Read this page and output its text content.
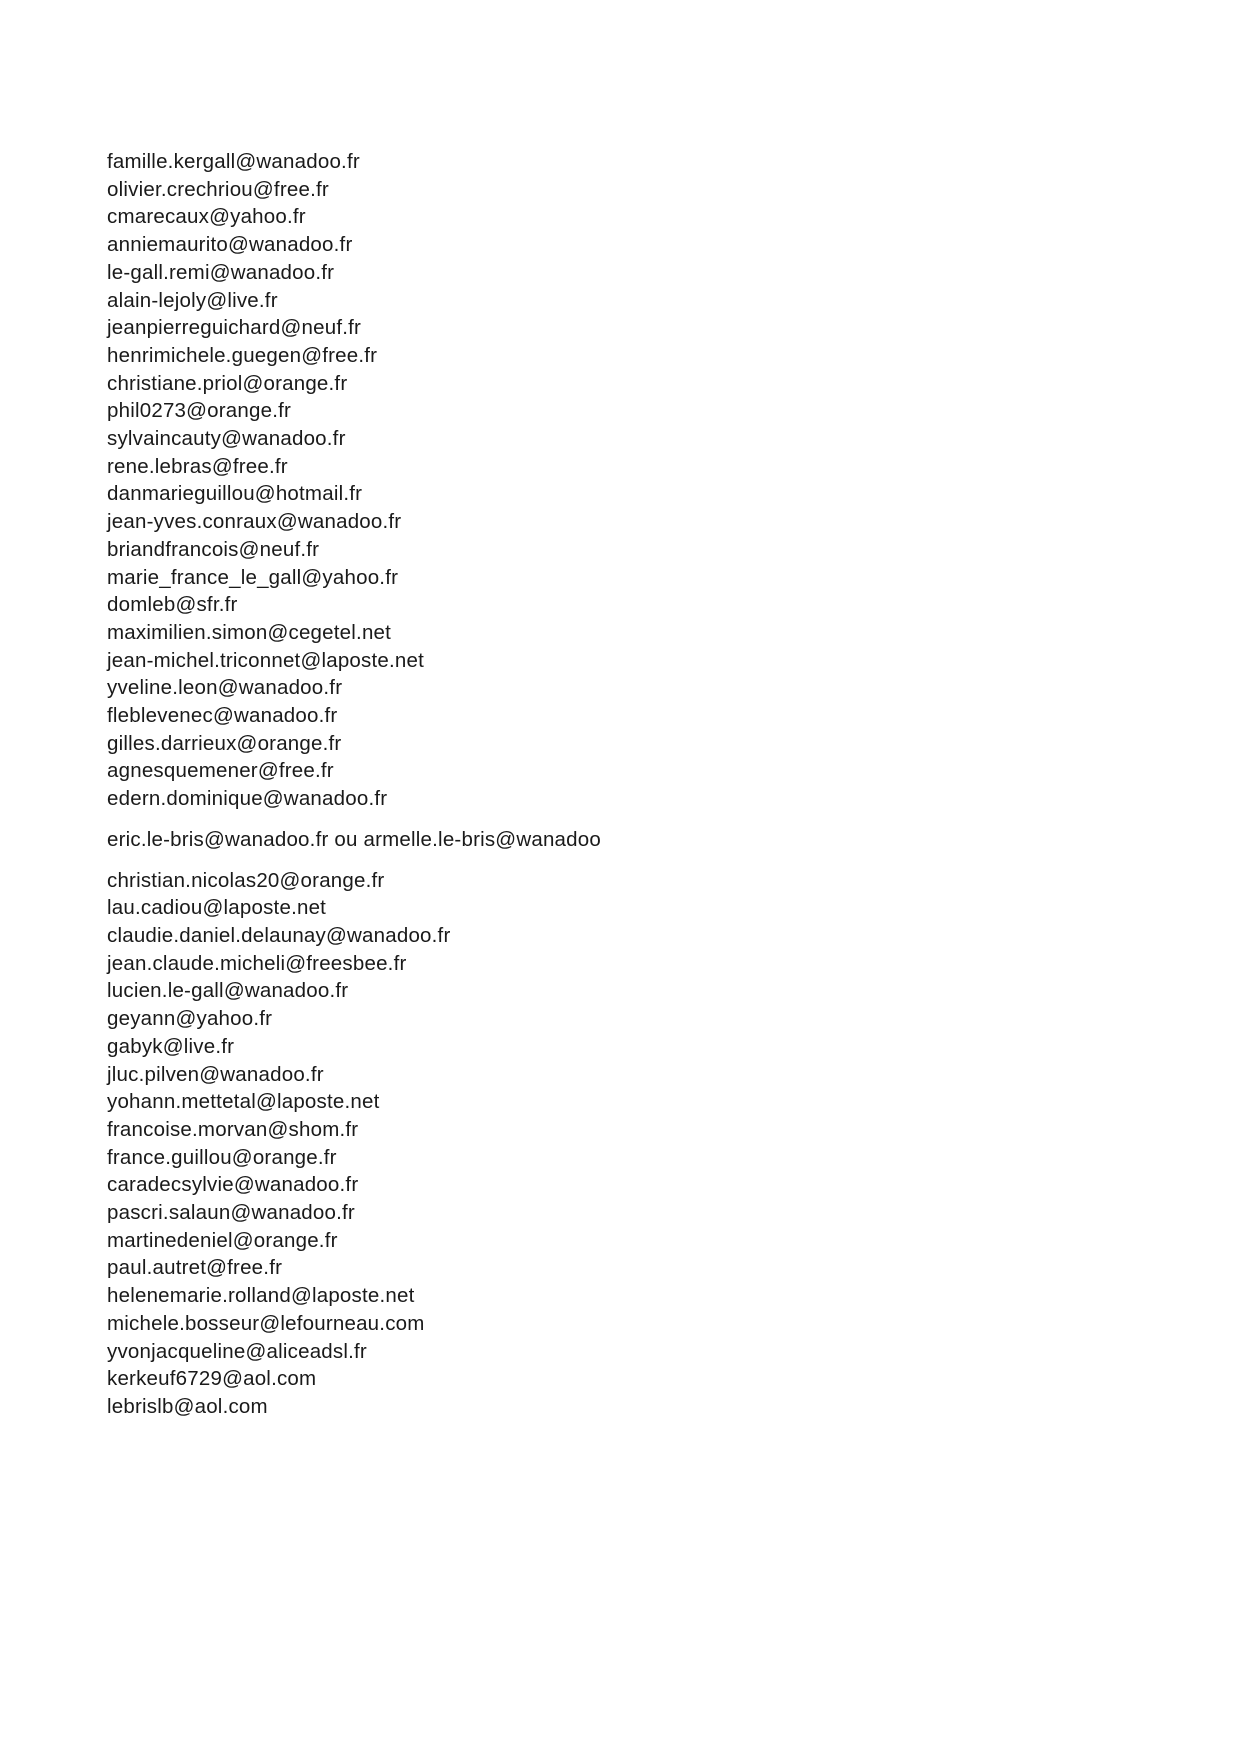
famille.kergall@wanadoo.fr
olivier.crechriou@free.fr
cmarecaux@yahoo.fr
anniemaurito@wanadoo.fr
le-gall.remi@wanadoo.fr
alain-lejoly@live.fr
jeanpierreguichard@neuf.fr
henrimichele.guegen@free.fr
christiane.priol@orange.fr
phil0273@orange.fr
sylvaincauty@wanadoo.fr
rene.lebras@free.fr
danmarieguillou@hotmail.fr
jean-yves.conraux@wanadoo.fr
briandfrancois@neuf.fr
marie_france_le_gall@yahoo.fr
domleb@sfr.fr
maximilien.simon@cegetel.net
jean-michel.triconnet@laposte.net
yveline.leon@wanadoo.fr
fleblevenec@wanadoo.fr
gilles.darrieux@orange.fr
agnesquemener@free.fr
edern.dominique@wanadoo.fr
eric.le-bris@wanadoo.fr ou armelle.le-bris@wanadoo
christian.nicolas20@orange.fr
lau.cadiou@laposte.net
claudie.daniel.delaunay@wanadoo.fr
jean.claude.micheli@freesbee.fr
lucien.le-gall@wanadoo.fr
geyann@yahoo.fr
gabyk@live.fr
jluc.pilven@wanadoo.fr
yohann.mettetal@laposte.net
francoise.morvan@shom.fr
france.guillou@orange.fr
caradecsylvie@wanadoo.fr
pascri.salaun@wanadoo.fr
martinedeniel@orange.fr
paul.autret@free.fr
helenemarie.rolland@laposte.net
michele.bosseur@lefourneau.com
yvonjacqueline@aliceadsl.fr
kerkeuf6729@aol.com
lebrislb@aol.com
